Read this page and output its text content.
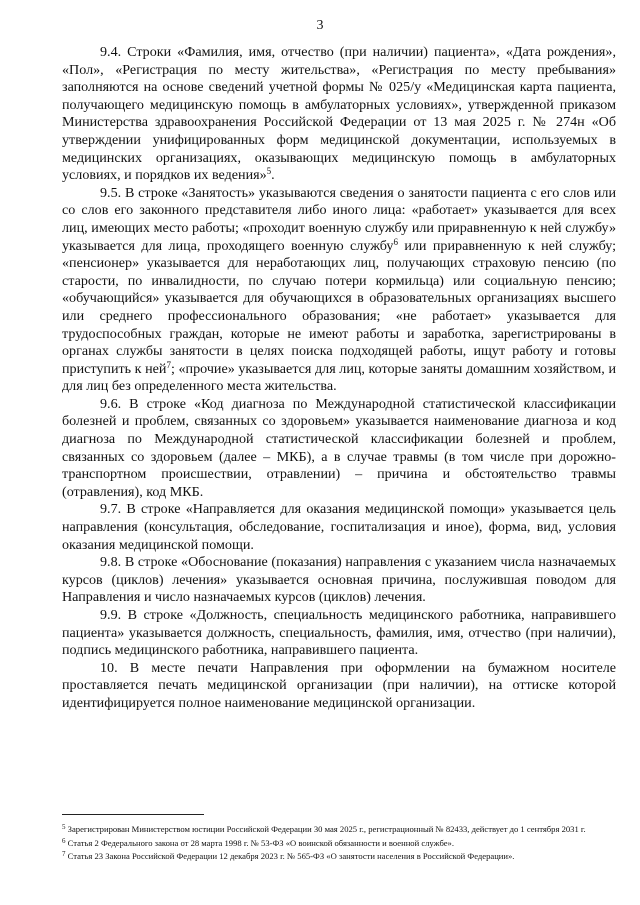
3

9.4. Строки «Фамилия, имя, отчество (при наличии) пациента», «Дата рождения», «Пол», «Регистрация по месту жительства», «Регистрация по месту пребывания» заполняются на основе сведений учетной формы № 025/у «Медицинская карта пациента, получающего медицинскую помощь в амбулаторных условиях», утвержденной приказом Министерства здравоохранения Российской Федерации от 13 мая 2025 г. № 274н «Об утверждении унифицированных форм медицинской документации, используемых в медицинских организациях, оказывающих медицинскую помощь в амбулаторных условиях, и порядков их ведения»$^5$.

9.5. В строке «Занятость» указываются сведения о занятости пациента с его слов или со слов его законного представителя либо иного лица: «работает» указывается для всех лиц, имеющих место работы; «проходит военную службу или приравненную к ней службу» указывается для лица, проходящего военную службу$^6$ или приравненную к ней службу; «пенсионер» указывается для неработающих лиц, получающих страховую пенсию (по старости, по инвалидности, по случаю потери кормильца) или социальную пенсию; «обучающийся» указывается для обучающихся в образовательных организациях высшего или среднего профессионального образования; «не работает» указывается для трудоспособных граждан, которые не имеют работы и заработка, зарегистрированы в органах службы занятости в целях поиска подходящей работы, ищут работу и готовы приступить к ней$^7$; «прочие» указывается для лиц, которые заняты домашним хозяйством, и для лиц без определенного места жительства.

9.6. В строке «Код диагноза по Международной статистической классификации болезней и проблем, связанных со здоровьем» указывается наименование диагноза и код диагноза по Международной статистической классификации болезней и проблем, связанных со здоровьем (далее – МКБ), а в случае травмы (в том числе при дорожно-транспортном происшествии, отравлении) – причина и обстоятельство травмы (отравления), код МКБ.

9.7. В строке «Направляется для оказания медицинской помощи» указывается цель направления (консультация, обследование, госпитализация и иное), форма, вид, условия оказания медицинской помощи.

9.8. В строке «Обоснование (показания) направления с указанием числа назначаемых курсов (циклов) лечения» указывается основная причина, послужившая поводом для Направления и число назначаемых курсов (циклов) лечения.

9.9. В строке «Должность, специальность медицинского работника, направившего пациента» указывается должность, специальность, фамилия, имя, отчество (при наличии), подпись медицинского работника, направившего пациента.

10. В месте печати Направления при оформлении на бумажном носителе проставляется печать медицинской организации (при наличии), на оттиске которой идентифицируется полное наименование медицинской организации.

$^5$ Зарегистрирован Министерством юстиции Российской Федерации 30 мая 2025 г., регистрационный № 82433, действует до 1 сентября 2031 г.

$^6$ Статья 2 Федерального закона от 28 марта 1998 г. № 53-ФЗ «О воинской обязанности и военной службе».

$^7$ Статья 23 Закона Российской Федерации 12 декабря 2023 г. № 565-ФЗ «О занятости населения в Российской Федерации».
